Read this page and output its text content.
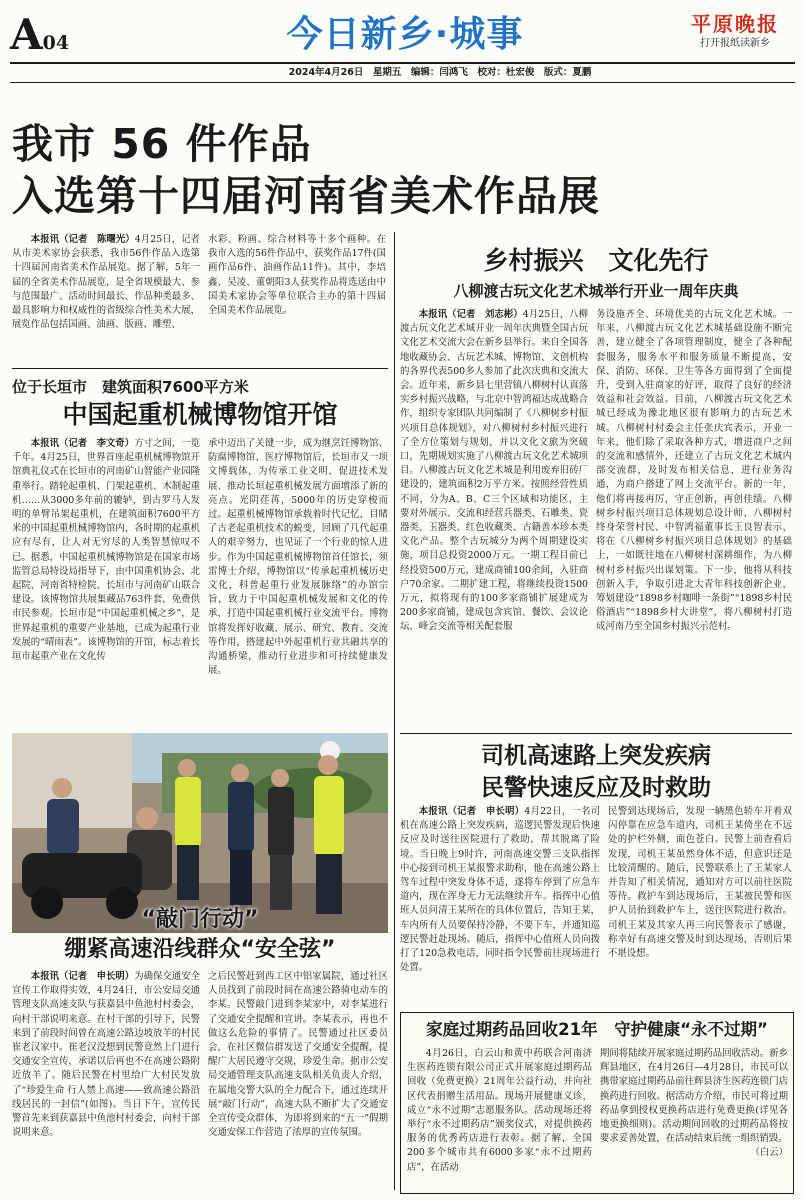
A04	今日新乡·城事	平原晚报
打开报纸读新乡
2024年4月26日　星期五　编辑：闫鸿飞　校对：杜宏俊　版式：夏鹏
我市 56 件作品
入选第十四届河南省美术作品展
本报讯（记者　陈曙光）4月25日，记者从市美术家协会获悉，我市56件作品入选第十四届河南省美术作品展览。据了解，5年一届的全省美术作品展览，是全省规模最大、参与范围最广、活动时间最长、作品种类最多、最具影响力和权威性的省级综合性美术大展，展览作品包括国画、油画、版画、雕塑、
水彩、粉画、综合材料等十多个画种。在我市入选的56件作品中，获奖作品17件(国画作品6件、油画作品11件)。其中，李培鑫、吴凌、董朝阳3人获奖作品将选送由中国美术家协会等单位联合主办的第十四届全国美术作品展览。
位于长垣市　建筑面积7600平方米
中国起重机械博物馆开馆
本报讯（记者　李文奇）方寸之间，一览千年。4月25日，世界首座起重机械博物馆开馆典礼仪式在长垣市的河南矿山智能产业园隆重举行。踏轮起重机、门架起重机、木制起重机……从3000多年前的辘轳，到古罗马人发明的单臂吊架起重机，在建筑面积7600平方米的中国起重机械博物馆内，各时期的起重机应有尽有，让人对无穷尽的人类智慧惊叹不已。据悉，中国起重机械博物馆是在国家市场监管总局特设局指导下，由中国重机协会、北起院、河南省特检院、长垣市与河南矿山联合建设。该博物馆共展集藏品763件套，免费供市民参观。长垣市是“中国起重机械之乡”，是世界起重机的重要产业基地，已成为起重行业发展的“晴雨表”。该博物馆的开馆，标志着长垣市起重产业在文化传
承中迈出了关键一步，成为继烹饪博物馆、防腐博物馆、医疗博物馆后，长垣市又一项文博载体，为传承工业文明、促进技术发展、推动长垣起重机械发展方面增添了新的亮点。光阴荏苒，5000年的历史穿梭而过。起重机械博物馆承载着时代记忆，目睹了古老起重机技术的蜕变，回顾了几代起重人的艰辛努力，也见证了一个行业的惊人进步。作为中国起重机械博物馆首任馆长，须雷博士介绍，博物馆以“传承起重机械历史文化，科普起重行业发展脉络”的办馆宗旨，致力于中国起重机械发展和文化的传承，打造中国起重机械行业交流平台。博物馆将发挥好收藏、展示、研究、教育、交流等作用，搭建起中外起重机行业共融共享的沟通桥梁，推动行业进步和可持续健康发展。
乡村振兴　文化先行
八柳渡古玩文化艺术城举行开业一周年庆典
本报讯（记者　刘志彬）4月25日，八柳渡古玩文化艺术城开业一周年庆典暨全国古玩文化艺术交流大会在新乡县举行。来自全国各地收藏协会、古玩艺术城、博物馆、文创机构的各界代表500多人参加了此次庆典和交流大会。近年来，新乡县七里营镇八柳树村认真落实乡村振兴战略，与北京中智鸿福达成战略合作，组织专家团队共同编制了《八柳树乡村振兴项目总体规划》，对八柳树村乡村振兴进行了全方位策划与规划，并以文化文旅为突破口，先期规划实施了八柳渡古玩文化艺术城项目。八柳渡古玩文化艺术城是利用废弃旧砖厂建设的，建筑面积2万平方米。按照经营性质不同，分为A、B、C三个区域和功能区，主要对外展示、交流和经营兵器类、石雕类、瓷器类、玉器类、红色收藏类、古籍善本珍本类文化产品。整个古玩城分为两个周期建设实施，项目总投资2000万元。一期工程目前已经投资500万元，建成商铺100余间，入驻商户70余家。二期扩建工程，将继续投资1500万元，拟将现有的100多家商铺扩展建成为200多家商铺，建成包含宾馆、餐饮、会议论坛、峰会交流等相关配套服
务设施齐全、环境优美的古玩文化艺术城。一年来，八柳渡古玩文化艺术城基础设施不断完善，建立健全了各项管理制度，健全了各种配套服务，服务水平和服务质量不断提高，安保、消防、环保、卫生等各方面得到了全面提升，受到入驻商家的好评，取得了良好的经济效益和社会效益。目前，八柳渡古玩文化艺术城已经成为豫北地区很有影响力的古玩艺术城。八柳树村村委会主任张庆宾表示，开业一年来，他们除了采取各种方式，增进商户之间的交流和感情外，还建立了古玩文化艺术城内部交流群，及时发布相关信息，进行业务沟通，为商户搭建了网上交流平台。新的一年，他们将再接再厉，守正创新，再创佳绩。八柳树乡村振兴项目总体规划总设计师、八柳树村终身荣誉村民、中智鸿福董事长王良智表示，将在《八柳树乡村振兴项目总体规划》的基础上，一如既往地在八柳树村深耕细作，为八柳树村乡村振兴出谋划策。下一步，他将从科技创新入手，争取引进北大青年科技创新企业，筹划建设“1898乡村咖啡一条街”“1898乡村民俗酒店”“1898乡村大讲堂”，将八柳树村打造成河南乃至全国乡村振兴示范村。
“敲门行动”
绷紧高速沿线群众“安全弦”
本报讯（记者　申长明）为确保交通安全宣传工作取得实效，4月24日，市公安局交通管理支队高速支队与获嘉县中鱼池村村委会，向村干部说明来意。在村干部的引导下，民警来到了前段时间曾在高速公路边坡放羊的村民崔老汉家中。崔老汉没想到民警竟然上门进行交通安全宣传，承诺以后再也不在高速公路附近放羊了。随后民警在村里给广大村民发放了“珍爱生命 行人禁上高速——致高速公路沿线居民的一封信”(如图)。当日下午，宣传民警首先来到获嘉县中鱼池村村委会，向村干部说明来意。
之后民警赶到西工区中铝家属院，通过社区人员找到了前段时间在高速公路骑电动车的李某。民警敲门进到李某家中，对李某进行了交通安全提醒和宣讲。李某表示，再也不做这么危险的事情了。民警通过社区委员会，在社区微信群发送了交通安全提醒，提醒广大居民遵守交规，珍爱生命。据市公安局交通管理支队高速支队相关负责人介绍，在属地交警大队的全力配合下，通过连续开展“敲门行动”，高速大队不断扩大了交通安全宣传受众群体，为即将到来的“五一”假期交通安保工作营造了浓厚的宣传氛围。
司机高速路上突发疾病
民警快速反应及时救助
本报讯（记者　申长明）4月22日，一名司机在高速公路上突发疾病，巡逻民警发现后快速反应及时送往医院进行了救助，帮其脱离了险境。当日晚上9时许，河南高速交警三支队指挥中心接到司机王某报警求助称，他在高速公路上驾车过程中突发身体不适，遂将车停到了应急车道内，现在浑身无力无法继续开车。指挥中心值班人员问清王某所在的具体位置后，告知王某，车内所有人员要保持冷静，不要下车，并通知巡逻民警赶赴现场。随后，指挥中心值班人员向拨打了120急救电话，同时指令民警前往现场进行处置。
民警到达现场后，发现一辆黑色轿车开着双闪停靠在应急车道内，司机王某倚坐在不远处的护栏外侧，面色苍白。民警上前查看后发现，司机王某虽然身体不适，但意识还是比较清醒的。随后，民警联系上了王某家人并告知了相关情况，通知对方可以前往医院等待。救护车到达现场后，王某被民警和医护人员抬到救护车上，送往医院进行救治。司机王某及其家人再三向民警表示了感谢，称幸好有高速交警及时到达现场，否则后果不堪设想。
家庭过期药品回收21年　守护健康“永不过期”
4月26日，白云山和黄中药联合河南济生医药连锁有限公司正式开展家庭过期药品回收（免费更换）21周年公益行动，并向社区代表捐赠生活用品。现场开展健康义诊，成立“永不过期”志愿服务队。活动现场还将举行“永不过期药店”颁奖仪式，对提供换药服务的优秀药店进行表彰。据了解，全国200多个城市共有6000多家“永不过期药店”，在活动
期间将陆续开展家庭过期药品回收活动。新乡辉县地区，在4月26日—4月28日，市民可以携带家庭过期药品前往辉县济生医药连锁门店换药进行回收。据活动方介绍，市民可将过期药品拿到授权更换药店进行免费更换(详见各地更换细则)。活动期间回收的过期药品将按要求妥善处置，在活动结束后统一组织销毁。
（白云）
